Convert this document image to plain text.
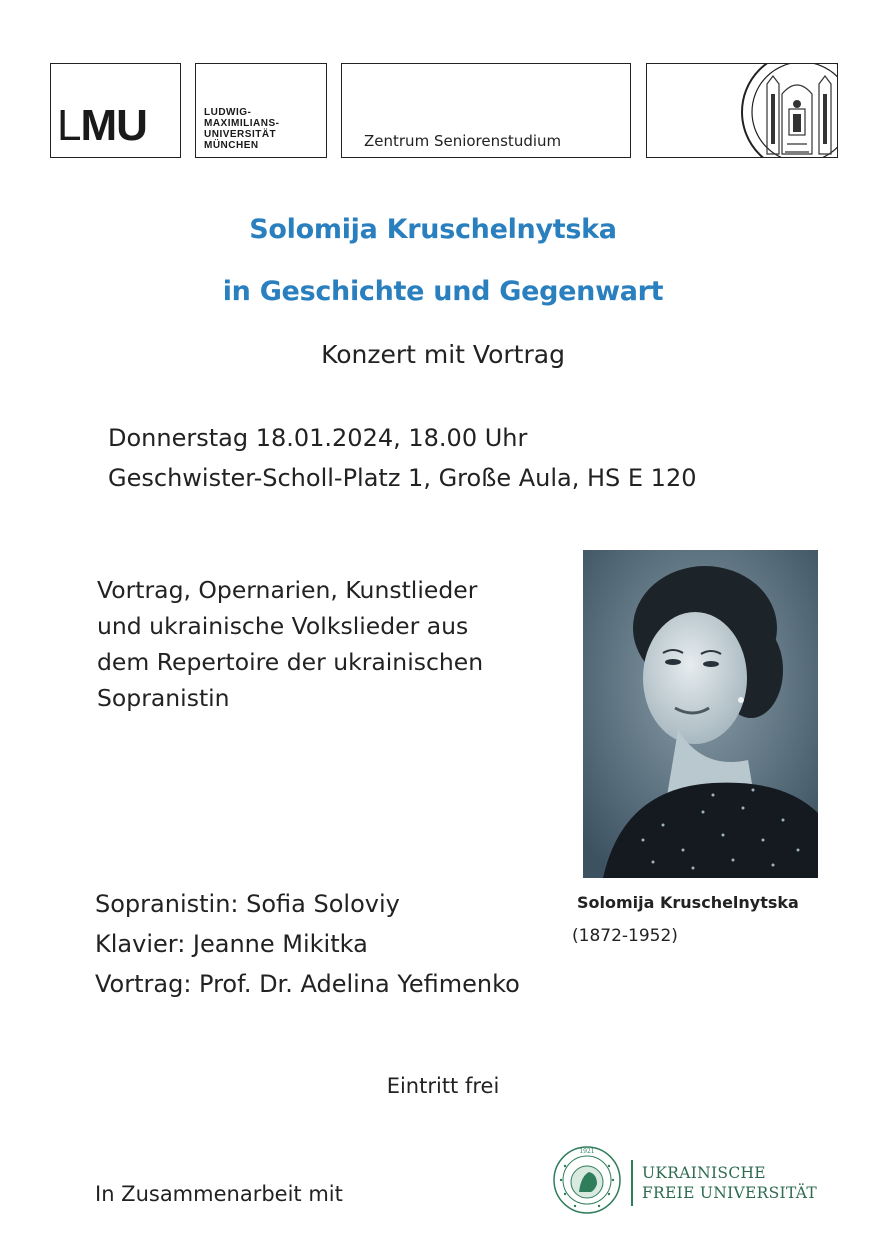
LMU	LUDWIG-
MAXIMILIANS-
UNIVERSITÄT
MÜNCHEN	Zentrum Seniorenstudium
Solomija Kruschelnytska
in Geschichte und Gegenwart
Konzert mit Vortrag
Donnerstag 18.01.2024, 18.00 Uhr
Geschwister-Scholl-Platz 1, Große Aula, HS E 120
Vortrag, Opernarien, Kunstlieder
und ukrainische Volkslieder aus
dem Repertoire der ukrainischen
Sopranistin
Solomija Kruschelnytska
(1872-1952)
Sopranistin: Sofia Soloviy
Klavier: Jeanne Mikitka
Vortrag: Prof. Dr. Adelina Yefimenko
Eintritt frei
In Zusammenarbeit mit
1921
UKRAINISCHE
FREIE UNIVERSITÄT
